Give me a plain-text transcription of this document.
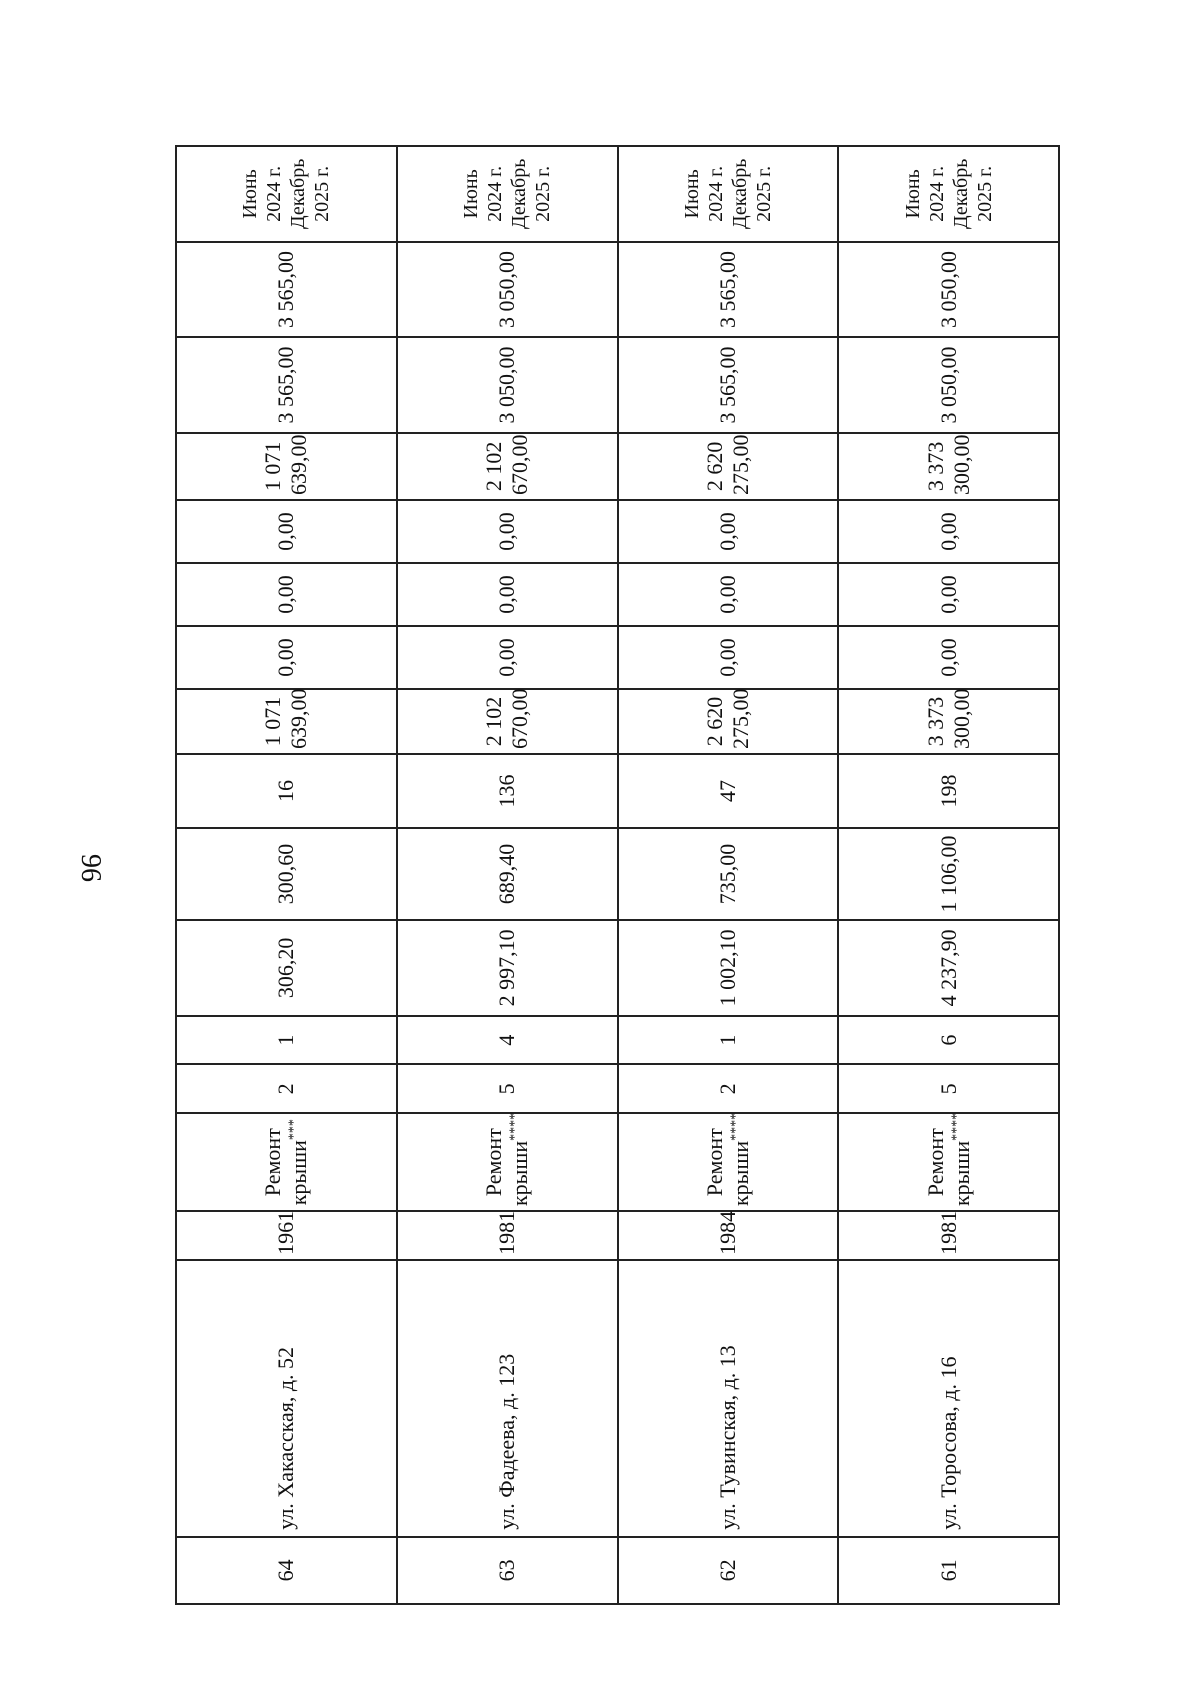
96
64	ул. Хакасская, д. 52	1961	Ремонт крыши***	2	1	306,20	300,60	16	1 071 639,00	0,00	0,00	0,00	1 071 639,00	3 565,00	3 565,00	Июнь 2024 г. Декабрь 2025 г.
63	ул. Фадеева, д. 123	1981	Ремонт крыши****	5	4	2 997,10	689,40	136	2 102 670,00	0,00	0,00	0,00	2 102 670,00	3 050,00	3 050,00	Июнь 2024 г. Декабрь 2025 г.
62	ул. Тувинская, д. 13	1984	Ремонт крыши****	2	1	1 002,10	735,00	47	2 620 275,00	0,00	0,00	0,00	2 620 275,00	3 565,00	3 565,00	Июнь 2024 г. Декабрь 2025 г.
61	ул. Торосова, д. 16	1981	Ремонт крыши****	5	6	4 237,90	1 106,00	198	3 373 300,00	0,00	0,00	0,00	3 373 300,00	3 050,00	3 050,00	Июнь 2024 г. Декабрь 2025 г.
